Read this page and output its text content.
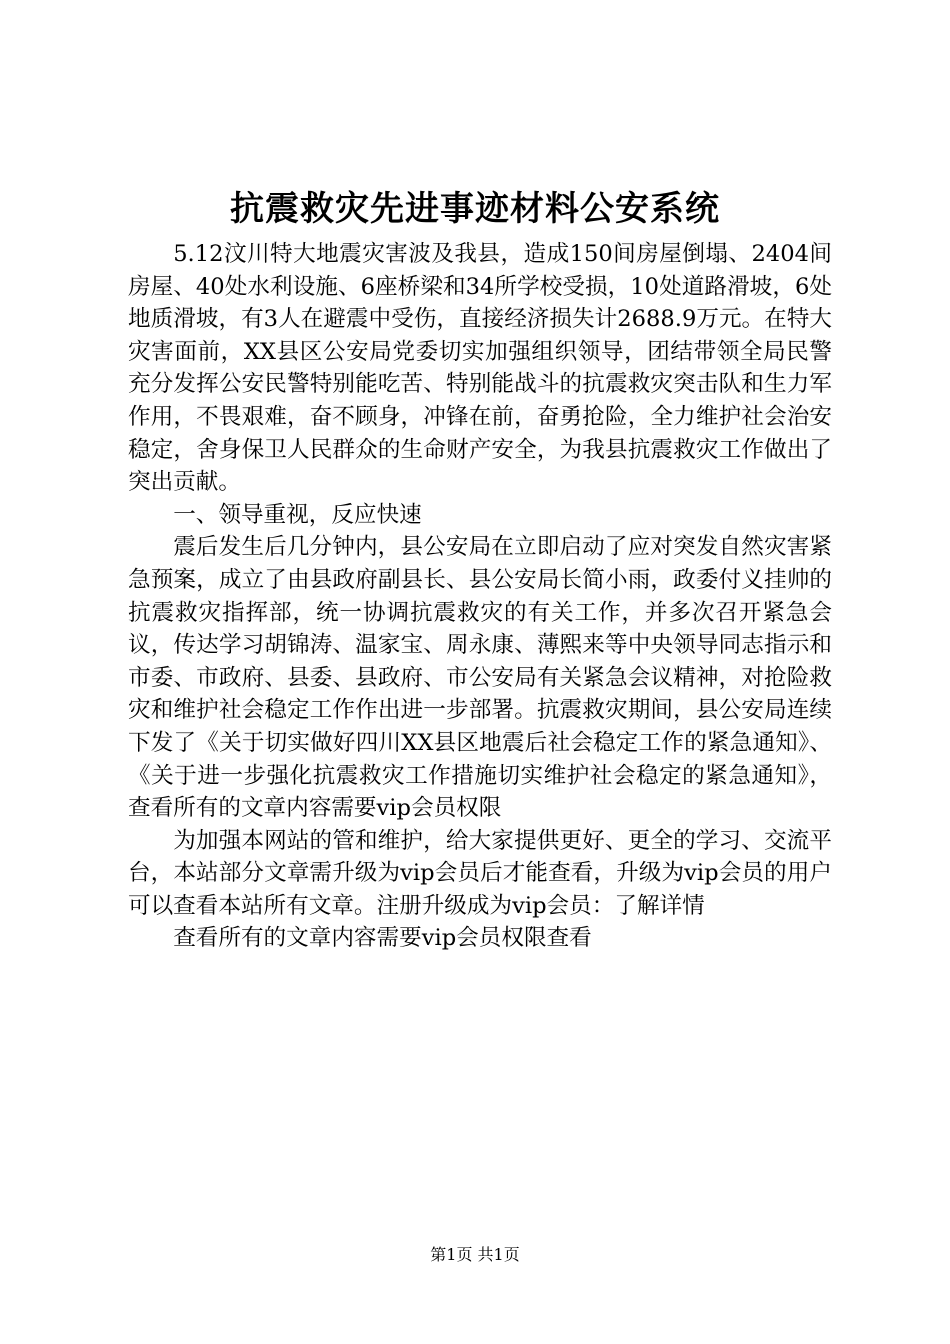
抗震救灾先进事迹材料公安系统

5.12汶川特大地震灾害波及我县，造成150间房屋倒塌、2404间房屋、40处水利设施、6座桥梁和34所学校受损，10处道路滑坡，6处地质滑坡，有3人在避震中受伤，直接经济损失计2688.9万元。在特大灾害面前，XX县区公安局党委切实加强组织领导，团结带领全局民警充分发挥公安民警特别能吃苦、特别能战斗的抗震救灾突击队和生力军作用，不畏艰难，奋不顾身，冲锋在前，奋勇抢险，全力维护社会治安稳定，舍身保卫人民群众的生命财产安全，为我县抗震救灾工作做出了突出贡献。

一、领导重视，反应快速

震后发生后几分钟内，县公安局在立即启动了应对突发自然灾害紧急预案，成立了由县政府副县长、县公安局长简小雨，政委付义挂帅的抗震救灾指挥部，统一协调抗震救灾的有关工作，并多次召开紧急会议，传达学习胡锦涛、温家宝、周永康、薄熙来等中央领导同志指示和市委、市政府、县委、县政府、市公安局有关紧急会议精神，对抢险救灾和维护社会稳定工作作出进一步部署。抗震救灾期间，县公安局连续下发了《关于切实做好四川XX县区地震后社会稳定工作的紧急通知》、《关于进一步强化抗震救灾工作措施切实维护社会稳定的紧急通知》，查看所有的文章内容需要vip会员权限

为加强本网站的管和维护，给大家提供更好、更全的学习、交流平台，本站部分文章需升级为vip会员后才能查看，升级为vip会员的用户可以查看本站所有文章。注册升级成为vip会员：了解详情

查看所有的文章内容需要vip会员权限查看

第1页 共1页
